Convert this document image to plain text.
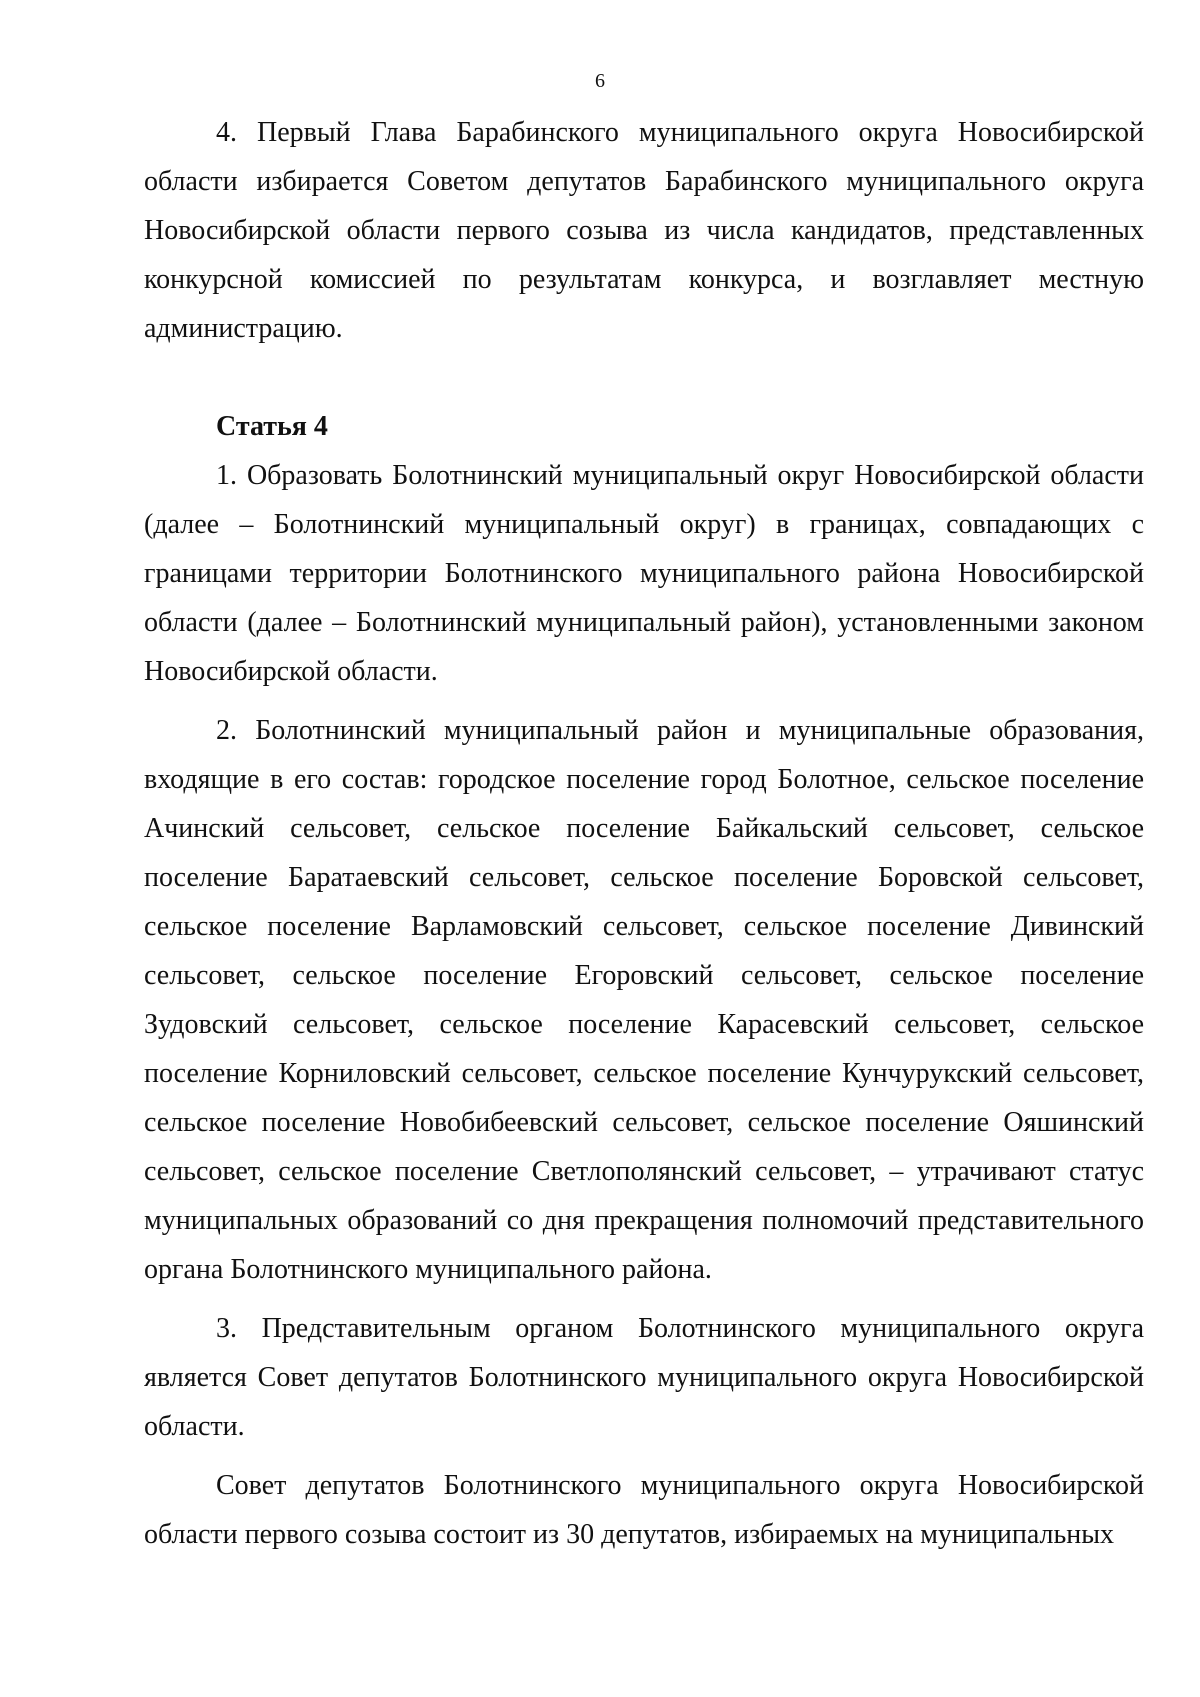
6

4. Первый Глава Барабинского муниципального округа Новосибирской области избирается Советом депутатов Барабинского муниципального округа Новосибирской области первого созыва из числа кандидатов, представленных конкурсной комиссией по результатам конкурса, и возглавляет местную администрацию.

Статья 4

1. Образовать Болотнинский муниципальный округ Новосибирской области (далее – Болотнинский муниципальный округ) в границах, совпадающих с границами территории Болотнинского муниципального района Новосибирской области (далее – Болотнинский муниципальный район), установленными законом Новосибирской области.

2. Болотнинский муниципальный район и муниципальные образования, входящие в его состав: городское поселение город Болотное, сельское поселение Ачинский сельсовет, сельское поселение Байкальский сельсовет, сельское поселение Баратаевский сельсовет, сельское поселение Боровской сельсовет, сельское поселение Варламовский сельсовет, сельское поселение Дивинский сельсовет, сельское поселение Егоровский сельсовет, сельское поселение Зудовский сельсовет, сельское поселение Карасевский сельсовет, сельское поселение Корниловский сельсовет, сельское поселение Кунчурукский сельсовет, сельское поселение Новобибеевский сельсовет, сельское поселение Ояшинский сельсовет, сельское поселение Светлополянский сельсовет, – утрачивают статус муниципальных образований со дня прекращения полномочий представительного органа Болотнинского муниципального района.

3. Представительным органом Болотнинского муниципального округа является Совет депутатов Болотнинского муниципального округа Новосибирской области.

Совет депутатов Болотнинского муниципального округа Новосибирской области первого созыва состоит из 30 депутатов, избираемых на муниципальных
